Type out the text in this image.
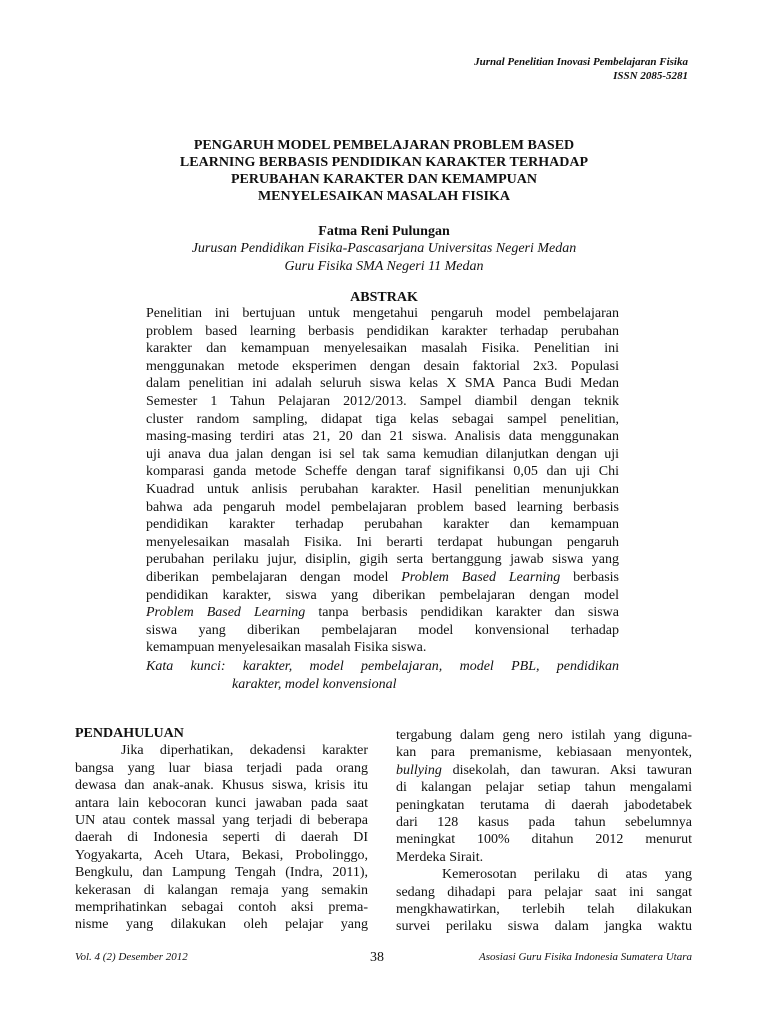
Jurnal Penelitian Inovasi Pembelajaran Fisika
ISSN 2085-5281
PENGARUH MODEL PEMBELAJARAN PROBLEM BASED
LEARNING BERBASIS PENDIDIKAN KARAKTER TERHADAP
PERUBAHAN KARAKTER DAN KEMAMPUAN
MENYELESAIKAN MASALAH FISIKA
Fatma Reni Pulungan
Jurusan Pendidikan Fisika-Pascasarjana Universitas Negeri Medan
Guru Fisika SMA Negeri 11 Medan
ABSTRAK
Penelitian ini bertujuan untuk mengetahui pengaruh model pembelajaran
problem based learning berbasis pendidikan karakter terhadap perubahan
karakter dan kemampuan menyelesaikan masalah Fisika. Penelitian ini
menggunakan metode eksperimen dengan desain faktorial 2x3. Populasi
dalam penelitian ini adalah seluruh siswa kelas X SMA Panca Budi Medan
Semester 1 Tahun Pelajaran 2012/2013. Sampel diambil dengan teknik
cluster random sampling, didapat tiga kelas sebagai sampel penelitian,
masing-masing terdiri atas 21, 20 dan 21 siswa. Analisis data menggunakan
uji anava dua jalan dengan isi sel tak sama kemudian dilanjutkan dengan uji
komparasi ganda metode Scheffe dengan taraf signifikansi 0,05 dan uji Chi
Kuadrad untuk anlisis perubahan karakter. Hasil penelitian menunjukkan
bahwa ada pengaruh model pembelajaran problem based learning berbasis
pendidikan karakter terhadap perubahan karakter dan kemampuan
menyelesaikan masalah Fisika. Ini berarti terdapat hubungan pengaruh
perubahan perilaku jujur, disiplin, gigih serta bertanggung jawab siswa yang
diberikan pembelajaran dengan model Problem Based Learning berbasis
pendidikan karakter, siswa yang diberikan pembelajaran dengan model
Problem Based Learning tanpa berbasis pendidikan karakter dan siswa
siswa yang diberikan pembelajaran model konvensional terhadap
kemampuan menyelesaikan masalah Fisika siswa.
Kata kunci: karakter, model pembelajaran, model PBL, pendidikan
karakter, model konvensional
PENDAHULUAN
Jika diperhatikan, dekadensi karakter
bangsa yang luar biasa terjadi pada orang
dewasa dan anak-anak. Khusus siswa, krisis itu
antara lain kebocoran kunci jawaban pada saat
UN atau contek massal yang terjadi di beberapa
daerah di Indonesia seperti di daerah DI
Yogyakarta, Aceh Utara, Bekasi, Probolinggo,
Bengkulu, dan Lampung Tengah (Indra, 2011),
kekerasan di kalangan remaja yang semakin
memprihatinkan sebagai contoh aksi prema-
nisme yang dilakukan oleh pelajar yang
tergabung dalam geng nero istilah yang diguna-
kan para premanisme, kebiasaan menyontek,
bullying disekolah, dan tawuran. Aksi tawuran
di kalangan pelajar setiap tahun mengalami
peningkatan terutama di daerah jabodetabek
dari 128 kasus pada tahun sebelumnya
meningkat 100% ditahun 2012 menurut
Merdeka Sirait.
Kemerosotan perilaku di atas yang
sedang dihadapi para pelajar saat ini sangat
mengkhawatirkan, terlebih telah dilakukan
survei perilaku siswa dalam jangka waktu
Vol. 4 (2) Desember 2012	38	Asosiasi Guru Fisika Indonesia Sumatera Utara
